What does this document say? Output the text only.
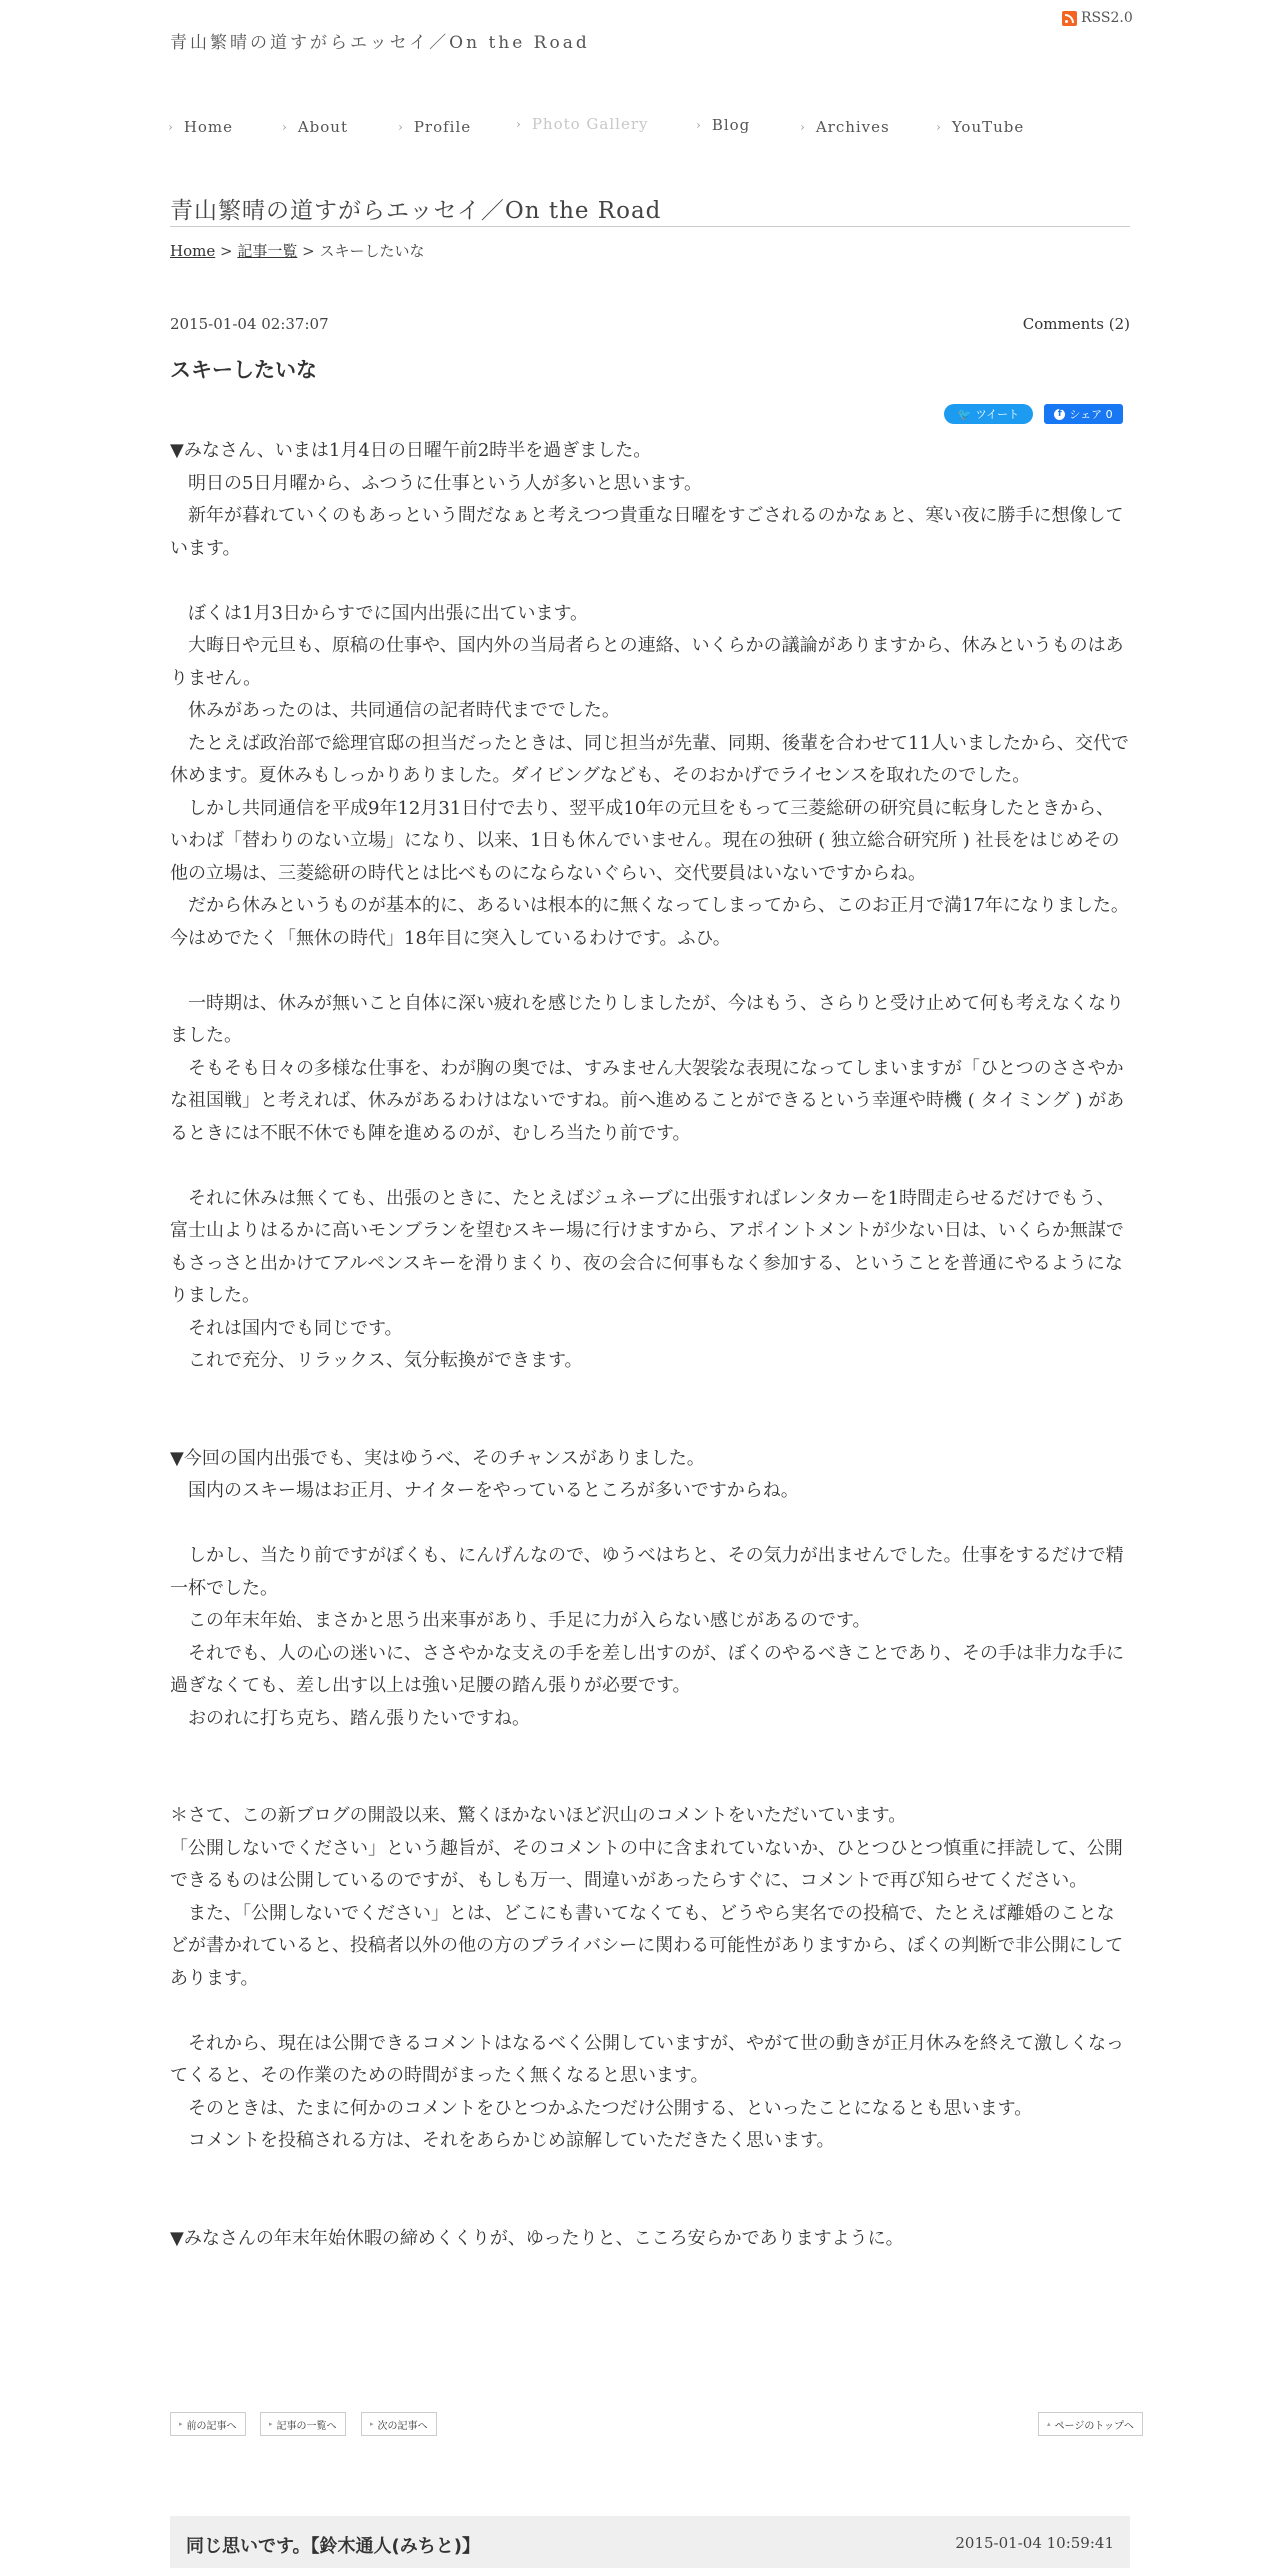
青山繁晴の道すがらエッセイ／On the Road
RSS2.0
› Home	› About	› Profile	› Photo Gallery	› Blog	› Archives	› YouTube
青山繁晴の道すがらエッセイ／On the Road
Home > 記事一覧 > スキーしたいな
2015-01-04 02:37:07	Comments (2)
スキーしたいな
🐦 ツイート	f シェア 0

▼みなさん、いまは1月4日の日曜午前2時半を過ぎました。

　明日の5日月曜から、ふつうに仕事という人が多いと思います。

　新年が暮れていくのもあっという間だなぁと考えつつ貴重な日曜をすごされるのかなぁと、寒い夜に勝手に想像しています。

　ぼくは1月3日からすでに国内出張に出ています。

　大晦日や元旦も、原稿の仕事や、国内外の当局者らとの連絡、いくらかの議論がありますから、休みというものはありません。

　休みがあったのは、共同通信の記者時代まででした。

　たとえば政治部で総理官邸の担当だったときは、同じ担当が先輩、同期、後輩を合わせて11人いましたから、交代で休めます。夏休みもしっかりありました。ダイビングなども、そのおかげでライセンスを取れたのでした。

　しかし共同通信を平成9年12月31日付で去り、翌平成10年の元旦をもって三菱総研の研究員に転身したときから、いわば「替わりのない立場」になり、以来、1日も休んでいません。現在の独研 ( 独立総合研究所 ) 社長をはじめその他の立場は、三菱総研の時代とは比べものにならないぐらい、交代要員はいないですからね。

　だから休みというものが基本的に、あるいは根本的に無くなってしまってから、このお正月で満17年になりました。今はめでたく「無休の時代」18年目に突入しているわけです。ふひ。

　一時期は、休みが無いこと自体に深い疲れを感じたりしましたが、今はもう、さらりと受け止めて何も考えなくなりました。

　そもそも日々の多様な仕事を、わが胸の奥では、すみません大袈裟な表現になってしまいますが「ひとつのささやかな祖国戦」と考えれば、休みがあるわけはないですね。前へ進めることができるという幸運や時機 ( タイミング ) があるときには不眠不休でも陣を進めるのが、むしろ当たり前です。

　それに休みは無くても、出張のときに、たとえばジュネーブに出張すればレンタカーを1時間走らせるだけでもう、富士山よりはるかに高いモンブランを望むスキー場に行けますから、アポイントメントが少ない日は、いくらか無謀でもさっさと出かけてアルペンスキーを滑りまくり、夜の会合に何事もなく参加する、ということを普通にやるようになりました。

　それは国内でも同じです。

　これで充分、リラックス、気分転換ができます。

▼今回の国内出張でも、実はゆうべ、そのチャンスがありました。

　国内のスキー場はお正月、ナイターをやっているところが多いですからね。

　しかし、当たり前ですがぼくも、にんげんなので、ゆうべはちと、その気力が出ませんでした。仕事をするだけで精一杯でした。

　この年末年始、まさかと思う出来事があり、手足に力が入らない感じがあるのです。

　それでも、人の心の迷いに、ささやかな支えの手を差し出すのが、ぼくのやるべきことであり、その手は非力な手に過ぎなくても、差し出す以上は強い足腰の踏ん張りが必要です。

　おのれに打ち克ち、踏ん張りたいですね。

＊さて、この新ブログの開設以来、驚くほかないほど沢山のコメントをいただいています。

「公開しないでください」という趣旨が、そのコメントの中に含まれていないか、ひとつひとつ慎重に拝読して、公開できるものは公開しているのですが、もしも万一、間違いがあったらすぐに、コメントで再び知らせてください。

　また、「公開しないでください」とは、どこにも書いてなくても、どうやら実名での投稿で、たとえば離婚のことなどが書かれていると、投稿者以外の他の方のプライバシーに関わる可能性がありますから、ぼくの判断で非公開にしてあります。

　それから、現在は公開できるコメントはなるべく公開していますが、やがて世の動きが正月休みを終えて激しくなってくると、その作業のための時間がまったく無くなると思います。

　そのときは、たまに何かのコメントをひとつかふたつだけ公開する、といったことになるとも思います。

　コメントを投稿される方は、それをあらかじめ諒解していただきたく思います。

▼みなさんの年末年始休暇の締めくくりが、ゆったりと、こころ安らかでありますように。

▸ 前の記事へ	▸ 記事の一覧へ	▸ 次の記事へ	▴ ページのトップへ
同じ思いです。【鈴木通人(みちと)】	2015-01-04 10:59:41
